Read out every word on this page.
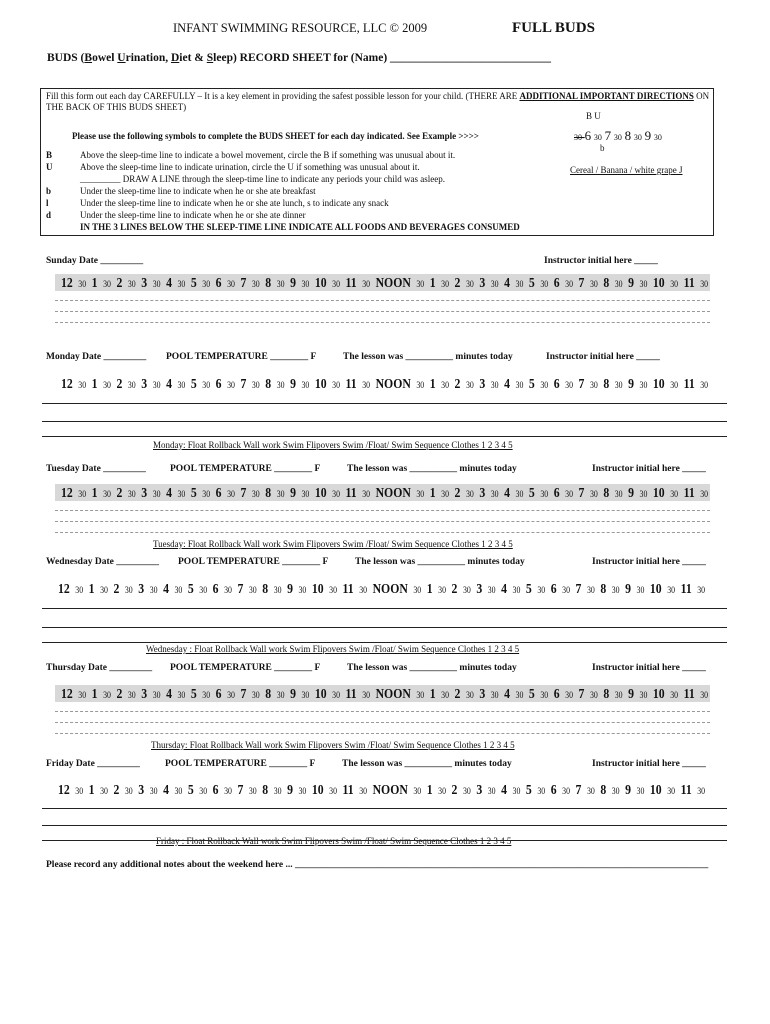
INFANT SWIMMING RESOURCE, LLC © 2009	FULL BUDS
BUDS (Bowel Urination, Diet & Sleep) RECORD SHEET for (Name) ____________________________
Fill this form out each day CAREFULLY – It is a key element in providing the safest possible lesson for your child. (THERE ARE ADDITIONAL IMPORTANT DIRECTIONS ON THE BACK OF THIS BUDS SHEET)
Please use the following symbols to complete the BUDS SHEET for each day indicated. See Example >>>>
B	Above the sleep-time line to indicate a bowel movement, circle the B if something was unusual about it.
U	Above the sleep-time line to indicate urination, circle the U if something was unusual about it.
_________ DRAW A LINE through the sleep-time line to indicate any periods your child was asleep.
b	Under the sleep-time line to indicate when he or she ate breakfast
l	Under the sleep-time line to indicate when he or she ate lunch, s to indicate any snack
d	Under the sleep-time line to indicate when he or she ate dinner
IN THE 3 LINES BELOW THE SLEEP-TIME LINE INDICATE ALL FOODS AND BEVERAGES CONSUMED
B U
30-6 30 7 30 8 30 9 30
b
Cereal / Banana / white grape J
Sunday Date _________	Instructor initial here _____
Monday Date _________ POOL TEMPERATURE ________ F	The lesson was __________ minutes today	Instructor initial here _____
Monday: Float Rollback Wall work Swim Flipovers Swim /Float/ Swim Sequence Clothes 1 2 3 4 5
Tuesday Date _________	POOL TEMPERATURE ________ F	The lesson was __________ minutes today	Instructor initial here _____
Tuesday: Float Rollback Wall work Swim Flipovers Swim /Float/ Swim Sequence Clothes 1 2 3 4 5
Wednesday Date _________ POOL TEMPERATURE ________ F	The lesson was __________ minutes today	Instructor initial here _____
Wednesday : Float Rollback Wall work Swim Flipovers Swim /Float/ Swim Sequence Clothes 1 2 3 4 5
Thursday Date _________ POOL TEMPERATURE ________ F	The lesson was __________ minutes today	Instructor initial here _____
Thursday: Float Rollback Wall work Swim Flipovers Swim /Float/ Swim Sequence Clothes 1 2 3 4 5
Friday Date _________	POOL TEMPERATURE ________ F	The lesson was __________ minutes today	Instructor initial here _____
Friday : Float Rollback Wall work Swim Flipovers Swim /Float/ Swim Sequence Clothes 1 2 3 4 5
Please record any additional notes about the weekend here ... _______________________________________________________________________________________
12 30 1 30 2 30 3 30 4 30 5 30 6 30 7 30 8 30 9 30 10 30 11 30 NOON 30 1 30 2 30 3 30 4 30 5 30 6 30 7 30 8 30 9 30 10 30 11 30
12 30 1 30 2 30 3 30 4 30 5 30 6 30 7 30 8 30 9 30 10 30 11 30 NOON 30 1 30 2 30 3 30 4 30 5 30 6 30 7 30 8 30 9 30 10 30 11 30
12 30 1 30 2 30 3 30 4 30 5 30 6 30 7 30 8 30 9 30 10 30 11 30 NOON 30 1 30 2 30 3 30 4 30 5 30 6 30 7 30 8 30 9 30 10 30 11 30
12 30 1 30 2 30 3 30 4 30 5 30 6 30 7 30 8 30 9 30 10 30 11 30 NOON 30 1 30 2 30 3 30 4 30 5 30 6 30 7 30 8 30 9 30 10 30 11 30
12 30 1 30 2 30 3 30 4 30 5 30 6 30 7 30 8 30 9 30 10 30 11 30 NOON 30 1 30 2 30 3 30 4 30 5 30 6 30 7 30 8 30 9 30 10 30 11 30
12 30 1 30 2 30 3 30 4 30 5 30 6 30 7 30 8 30 9 30 10 30 11 30 NOON 30 1 30 2 30 3 30 4 30 5 30 6 30 7 30 8 30 9 30 10 30 11 30
